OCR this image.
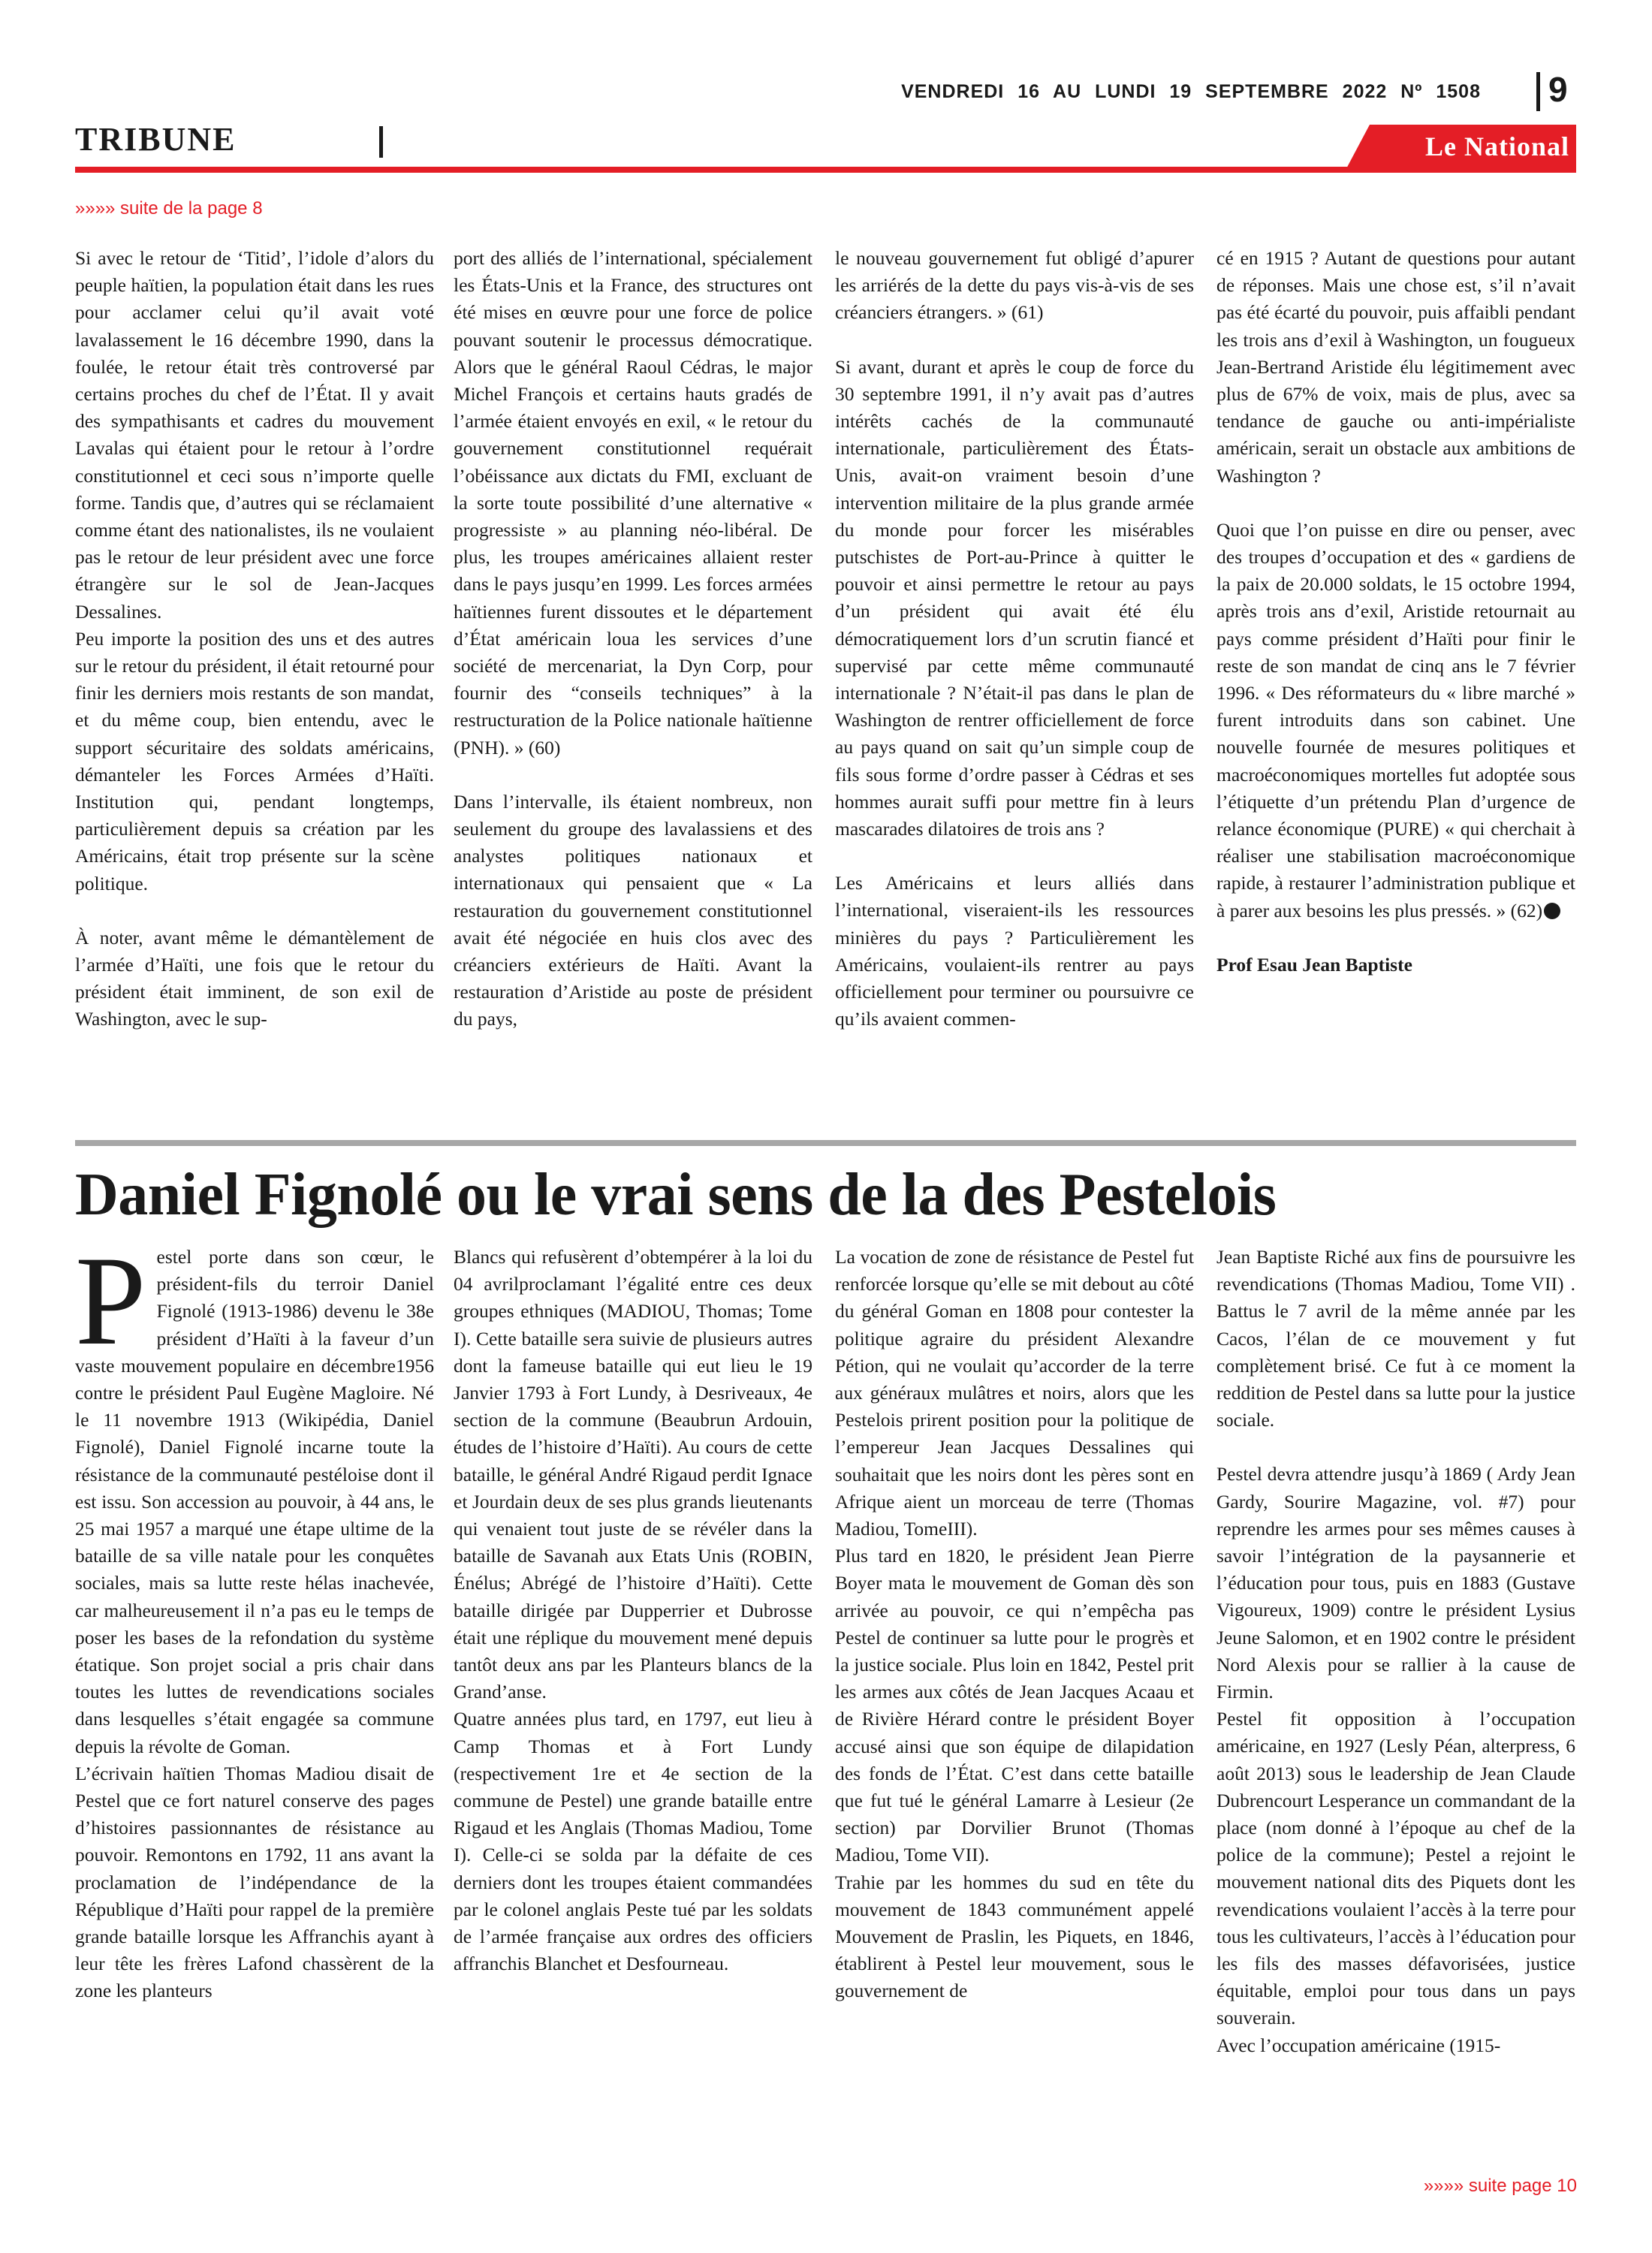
VENDREDI 16 AU LUNDI 19 SEPTEMBRE 2022 Nº 1508 9
TRIBUNE	Le National
»»»» suite de la page 8

Si avec le retour de ‘Titid’, l’idole d’alors du peuple haïtien, la population était dans les rues pour acclamer celui qu’il avait voté lavalassement le 16 décembre 1990, dans la foulée, le retour était très controversé par certains proches du chef de l’État. Il y avait des sympathisants et cadres du mouvement Lavalas qui étaient pour le retour à l’ordre constitutionnel et ceci sous n’importe quelle forme. Tandis que, d’autres qui se réclamaient comme étant des nationalistes, ils ne voulaient pas le retour de leur président avec une force étrangère sur le sol de Jean-Jacques Dessalines.

Peu importe la position des uns et des autres sur le retour du président, il était retourné pour finir les derniers mois restants de son mandat, et du même coup, bien entendu, avec le support sécuritaire des soldats américains, démanteler les Forces Armées d’Haïti. Institution qui, pendant longtemps, particulièrement depuis sa création par les Américains, était trop présente sur la scène politique.

À noter, avant même le démantèlement de l’armée d’Haïti, une fois que le retour du président était imminent, de son exil de Washington, avec le sup-

port des alliés de l’international, spécialement les États-Unis et la France, des structures ont été mises en œuvre pour une force de police pouvant soutenir le processus démocratique. Alors que le général Raoul Cédras, le major Michel François et certains hauts gradés de l’armée étaient envoyés en exil, « le retour du gouvernement constitutionnel requérait l’obéissance aux dictats du FMI, excluant de la sorte toute possibilité d’une alternative « progressiste » au planning néo-libéral. De plus, les troupes américaines allaient rester dans le pays jusqu’en 1999. Les forces armées haïtiennes furent dissoutes et le département d’État américain loua les services d’une société de mercenariat, la Dyn Corp, pour fournir des “conseils techniques” à la restructuration de la Police nationale haïtienne (PNH). » (60)

Dans l’intervalle, ils étaient nombreux, non seulement du groupe des lavalassiens et des analystes politiques nationaux et internationaux qui pensaient que « La restauration du gouvernement constitutionnel avait été négociée en huis clos avec des créanciers extérieurs de Haïti. Avant la restauration d’Aristide au poste de président du pays,

le nouveau gouvernement fut obligé d’apurer les arriérés de la dette du pays vis-à-vis de ses créanciers étrangers. » (61)

Si avant, durant et après le coup de force du 30 septembre 1991, il n’y avait pas d’autres intérêts cachés de la communauté internationale, particulièrement des États-Unis, avait-on vraiment besoin d’une intervention militaire de la plus grande armée du monde pour forcer les misérables putschistes de Port-au-Prince à quitter le pouvoir et ainsi permettre le retour au pays d’un président qui avait été élu démocratiquement lors d’un scrutin fiancé et supervisé par cette même communauté internationale ? N’était-il pas dans le plan de Washington de rentrer officiellement de force au pays quand on sait qu’un simple coup de fils sous forme d’ordre passer à Cédras et ses hommes aurait suffi pour mettre fin à leurs mascarades dilatoires de trois ans ?

Les Américains et leurs alliés dans l’international, viseraient-ils les ressources minières du pays ? Particulièrement les Américains, voulaient-ils rentrer au pays officiellement pour terminer ou poursuivre ce qu’ils avaient commen-

cé en 1915 ? Autant de questions pour autant de réponses. Mais une chose est, s’il n’avait pas été écarté du pouvoir, puis affaibli pendant les trois ans d’exil à Washington, un fougueux Jean-Bertrand Aristide élu légitimement avec plus de 67% de voix, mais de plus, avec sa tendance de gauche ou anti-impérialiste américain, serait un obstacle aux ambitions de Washington ?

Quoi que l’on puisse en dire ou penser, avec des troupes d’occupation et des « gardiens de la paix de 20.000 soldats, le 15 octobre 1994, après trois ans d’exil, Aristide retournait au pays comme président d’Haïti pour finir le reste de son mandat de cinq ans le 7 février 1996. « Des réformateurs du « libre marché » furent introduits dans son cabinet. Une nouvelle fournée de mesures politiques et macroéconomiques mortelles fut adoptée sous l’étiquette d’un prétendu Plan d’urgence de relance économique (PURE) « qui cherchait à réaliser une stabilisation macroéconomique rapide, à restaurer l’administration publique et à parer aux besoins les plus pressés. » (62)

Prof Esau Jean Baptiste

Daniel Fignolé ou le vrai sens de la des Pestelois

Pestel porte dans son cœur, le président-fils du terroir Daniel Fignolé (1913-1986) devenu le 38e président d’Haïti à la faveur d’un vaste mouvement populaire en décembre1956 contre le président Paul Eugène Magloire. Né le 11 novembre 1913 (Wikipédia, Daniel Fignolé), Daniel Fignolé incarne toute la résistance de la communauté pestéloise dont il est issu. Son accession au pouvoir, à 44 ans, le 25 mai 1957 a marqué une étape ultime de la bataille de sa ville natale pour les conquêtes sociales, mais sa lutte reste hélas inachevée, car malheureusement il n’a pas eu le temps de poser les bases de la refondation du système étatique. Son projet social a pris chair dans toutes les luttes de revendications sociales dans lesquelles s’était engagée sa commune depuis la révolte de Goman.

L’écrivain haïtien Thomas Madiou disait de Pestel que ce fort naturel conserve des pages d’histoires passionnantes de résistance au pouvoir. Remontons en 1792, 11 ans avant la proclamation de l’indépendance de la République d’Haïti pour rappel de la première grande bataille lorsque les Affranchis ayant à leur tête les frères Lafond chassèrent de la zone les planteurs

Blancs qui refusèrent d’obtempérer à la loi du 04 avrilproclamant l’égalité entre ces deux groupes ethniques (MADIOU, Thomas; Tome I). Cette bataille sera suivie de plusieurs autres dont la fameuse bataille qui eut lieu le 19 Janvier 1793 à Fort Lundy, à Desriveaux, 4e section de la commune (Beaubrun Ardouin, études de l’histoire d’Haïti). Au cours de cette bataille, le général André Rigaud perdit Ignace et Jourdain deux de ses plus grands lieutenants qui venaient tout juste de se révéler dans la bataille de Savanah aux Etats Unis (ROBIN, Énélus; Abrégé de l’histoire d’Haïti). Cette bataille dirigée par Dupperrier et Dubrosse était une réplique du mouvement mené depuis tantôt deux ans par les Planteurs blancs de la Grand’anse.

Quatre années plus tard, en 1797, eut lieu à Camp Thomas et à Fort Lundy (respectivement 1re et 4e section de la commune de Pestel) une grande bataille entre Rigaud et les Anglais (Thomas Madiou, Tome I). Celle-ci se solda par la défaite de ces derniers dont les troupes étaient commandées par le colonel anglais Peste tué par les soldats de l’armée française aux ordres des officiers affranchis Blanchet et Desfourneau.

La vocation de zone de résistance de Pestel fut renforcée lorsque qu’elle se mit debout au côté du général Goman en 1808 pour contester la politique agraire du président Alexandre Pétion, qui ne voulait qu’accorder de la terre aux généraux mulâtres et noirs, alors que les Pestelois prirent position pour la politique de l’empereur Jean Jacques Dessalines qui souhaitait que les noirs dont les pères sont en Afrique aient un morceau de terre (Thomas Madiou, TomeIII).

Plus tard en 1820, le président Jean Pierre Boyer mata le mouvement de Goman dès son arrivée au pouvoir, ce qui n’empêcha pas Pestel de continuer sa lutte pour le progrès et la justice sociale. Plus loin en 1842, Pestel prit les armes aux côtés de Jean Jacques Acaau et de Rivière Hérard contre le président Boyer accusé ainsi que son équipe de dilapidation des fonds de l’État. C’est dans cette bataille que fut tué le général Lamarre à Lesieur (2e section) par Dorvilier Brunot (Thomas Madiou, Tome VII).

Trahie par les hommes du sud en tête du mouvement de 1843 communément appelé Mouvement de Praslin, les Piquets, en 1846, établirent à Pestel leur mouvement, sous le gouvernement de

Jean Baptiste Riché aux fins de poursuivre les revendications (Thomas Madiou, Tome VII) . Battus le 7 avril de la même année par les Cacos, l’élan de ce mouvement y fut complètement brisé. Ce fut à ce moment la reddition de Pestel dans sa lutte pour la justice sociale.

Pestel devra attendre jusqu’à 1869 ( Ardy Jean Gardy, Sourire Magazine, vol. #7) pour reprendre les armes pour ses mêmes causes à savoir l’intégration de la paysannerie et l’éducation pour tous, puis en 1883 (Gustave Vigoureux, 1909) contre le président Lysius Jeune Salomon, et en 1902 contre le président Nord Alexis pour se rallier à la cause de Firmin.

Pestel fit opposition à l’occupation américaine, en 1927 (Lesly Péan, alterpress, 6 août 2013) sous le leadership de Jean Claude Dubrencourt Lesperance un commandant de la place (nom donné à l’époque au chef de la police de la commune); Pestel a rejoint le mouvement national dits des Piquets dont les revendications voulaient l’accès à la terre pour tous les cultivateurs, l’accès à l’éducation pour les fils des masses défavorisées, justice équitable, emploi pour tous dans un pays souverain.

Avec l’occupation américaine (1915-

»»»» suite page 10
